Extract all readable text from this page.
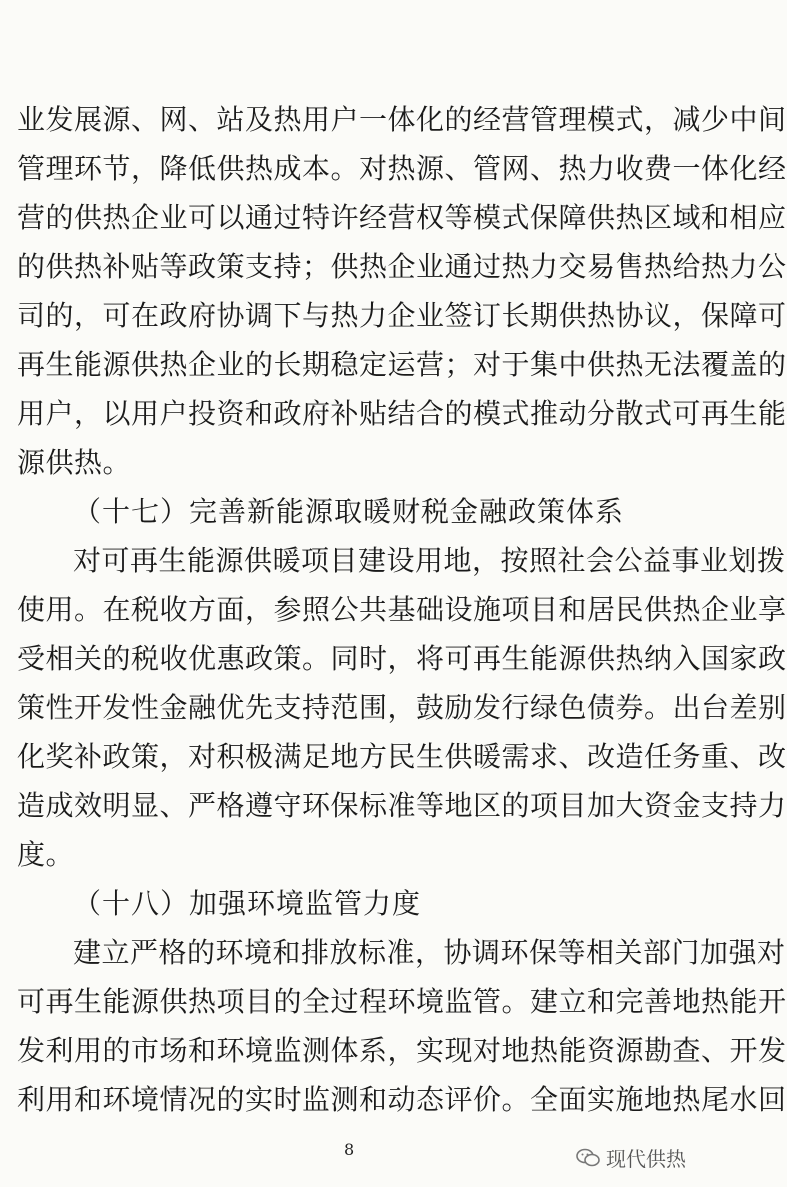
业发展源、网、站及热用户一体化的经营管理模式，减少中间
管理环节，降低供热成本。对热源、管网、热力收费一体化经
营的供热企业可以通过特许经营权等模式保障供热区域和相应
的供热补贴等政策支持；供热企业通过热力交易售热给热力公
司的，可在政府协调下与热力企业签订长期供热协议，保障可
再生能源供热企业的长期稳定运营；对于集中供热无法覆盖的
用户，以用户投资和政府补贴结合的模式推动分散式可再生能
源供热。
（十七）完善新能源取暖财税金融政策体系
对可再生能源供暖项目建设用地，按照社会公益事业划拨
使用。在税收方面，参照公共基础设施项目和居民供热企业享
受相关的税收优惠政策。同时，将可再生能源供热纳入国家政
策性开发性金融优先支持范围，鼓励发行绿色债券。出台差别
化奖补政策，对积极满足地方民生供暖需求、改造任务重、改
造成效明显、严格遵守环保标准等地区的项目加大资金支持力
度。
（十八）加强环境监管力度
建立严格的环境和排放标准，协调环保等相关部门加强对
可再生能源供热项目的全过程环境监管。建立和完善地热能开
发利用的市场和环境监测体系，实现对地热能资源勘查、开发
利用和环境情况的实时监测和动态评价。全面实施地热尾水回
8	现代供热
